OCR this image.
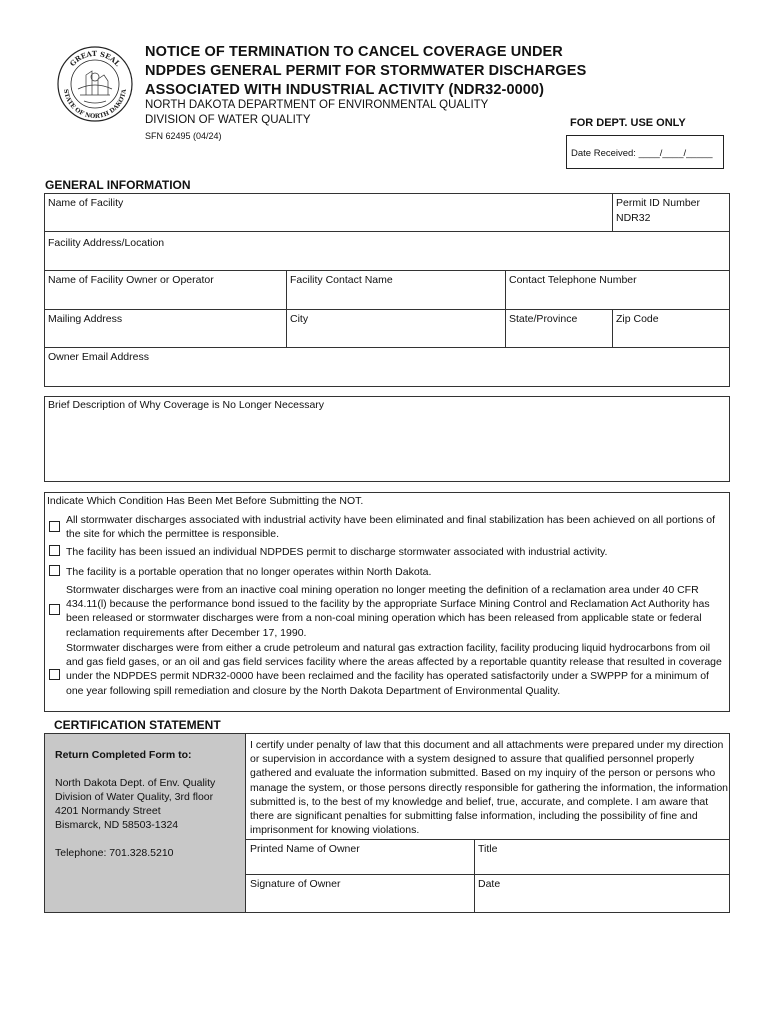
GREAT SEAL
STATE OF NORTH DAKOTA
NOTICE OF TERMINATION TO CANCEL COVERAGE UNDER
NDPDES GENERAL PERMIT FOR STORMWATER DISCHARGES
ASSOCIATED WITH INDUSTRIAL ACTIVITY (NDR32-0000)
NORTH DAKOTA DEPARTMENT OF ENVIRONMENTAL QUALITY
DIVISION OF WATER QUALITY
SFN 62495 (04/24)
FOR DEPT. USE ONLY
Date Received: ____/____/_____
GENERAL INFORMATION
Name of Facility	Permit ID Number
NDR32
Facility Address/Location
Name of Facility Owner or Operator	Facility Contact Name	Contact Telephone Number
Mailing Address	City	State/Province	Zip Code
Owner Email Address
Brief Description of Why Coverage is No Longer Necessary
Indicate Which Condition Has Been Met Before Submitting the NOT.
All stormwater discharges associated with industrial activity have been eliminated and final stabilization has been achieved on all portions of the site for which the permittee is responsible.
The facility has been issued an individual NDPDES permit to discharge stormwater associated with industrial activity.
The facility is a portable operation that no longer operates within North Dakota.
Stormwater discharges were from an inactive coal mining operation no longer meeting the definition of a reclamation area under 40 CFR 434.11(l) because the performance bond issued to the facility by the appropriate Surface Mining Control and Reclamation Act Authority has been released or stormwater discharges were from a non-coal mining operation which has been released from applicable state or federal reclamation requirements after December 17, 1990.
Stormwater discharges were from either a crude petroleum and natural gas extraction facility, facility producing liquid hydrocarbons from oil and gas field gases, or an oil and gas field services facility where the areas affected by a reportable quantity release that resulted in coverage under the NDPDES permit NDR32-0000 have been reclaimed and the facility has operated satisfactorily under a SWPPP for a minimum of one year following spill remediation and closure by the North Dakota Department of Environmental Quality.
CERTIFICATION STATEMENT
Return Completed Form to:
North Dakota Dept. of Env. Quality
Division of Water Quality, 3rd floor
4201 Normandy Street
Bismarck, ND 58503-1324
Telephone: 701.328.5210
I certify under penalty of law that this document and all attachments were prepared under my direction or supervision in accordance with a system designed to assure that qualified personnel properly gathered and evaluate the information submitted. Based on my inquiry of the person or persons who manage the system, or those persons directly responsible for gathering the information, the information submitted is, to the best of my knowledge and belief, true, accurate, and complete. I am aware that there are significant penalties for submitting false information, including the possibility of fine and imprisonment for knowing violations.
Printed Name of Owner	Title
Signature of Owner	Date
